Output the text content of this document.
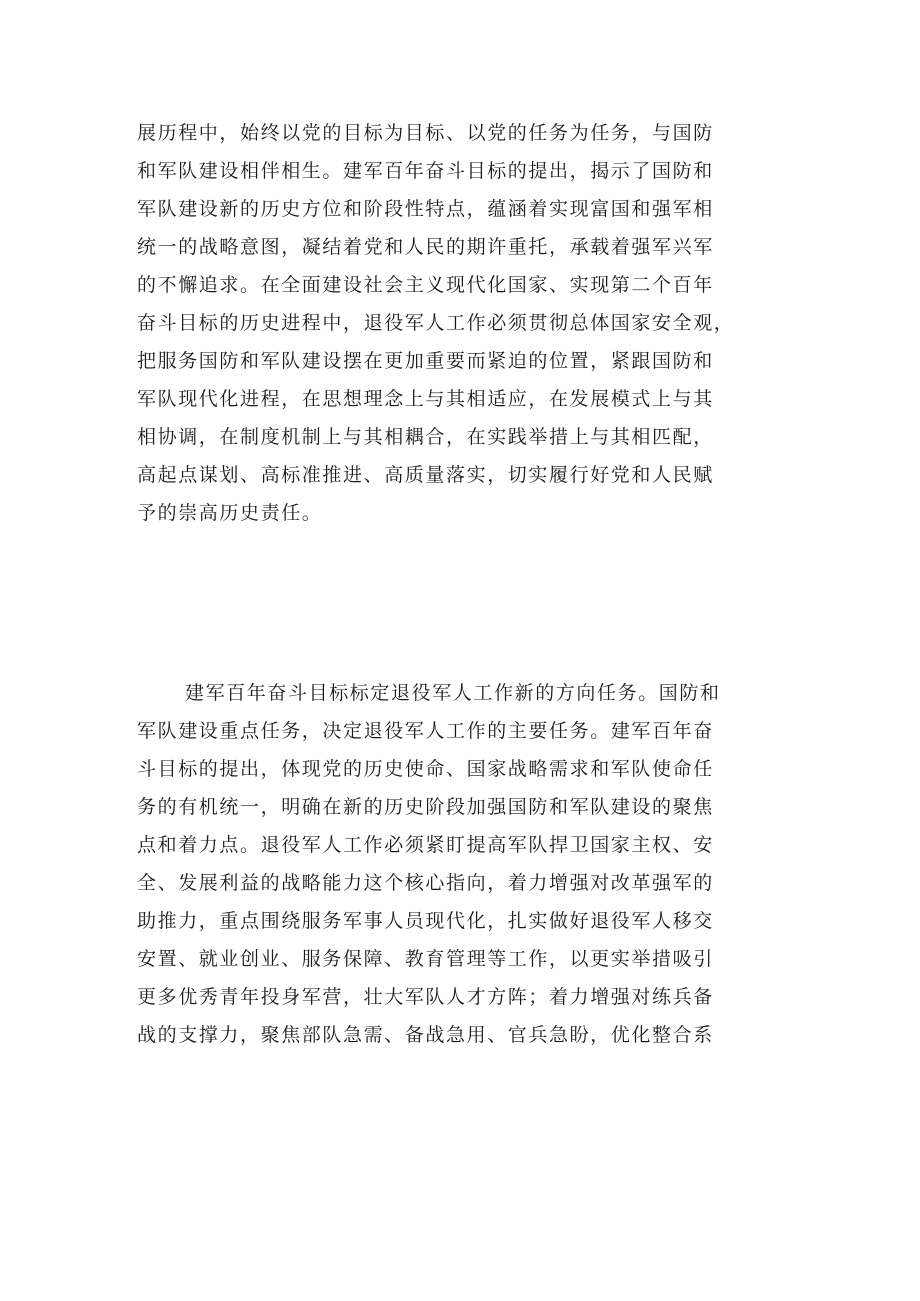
展历程中，始终以党的目标为目标、以党的任务为任务，与国防
和军队建设相伴相生。建军百年奋斗目标的提出，揭示了国防和
军队建设新的历史方位和阶段性特点，蕴涵着实现富国和强军相
统一的战略意图，凝结着党和人民的期许重托，承载着强军兴军
的不懈追求。在全面建设社会主义现代化国家、实现第二个百年
奋斗目标的历史进程中，退役军人工作必须贯彻总体国家安全观，
把服务国防和军队建设摆在更加重要而紧迫的位置，紧跟国防和
军队现代化进程，在思想理念上与其相适应，在发展模式上与其
相协调，在制度机制上与其相耦合，在实践举措上与其相匹配，
高起点谋划、高标准推进、高质量落实，切实履行好党和人民赋
予的崇高历史责任。
建军百年奋斗目标标定退役军人工作新的方向任务。国防和
军队建设重点任务，决定退役军人工作的主要任务。建军百年奋
斗目标的提出，体现党的历史使命、国家战略需求和军队使命任
务的有机统一，明确在新的历史阶段加强国防和军队建设的聚焦
点和着力点。退役军人工作必须紧盯提高军队捍卫国家主权、安
全、发展利益的战略能力这个核心指向，着力增强对改革强军的
助推力，重点围绕服务军事人员现代化，扎实做好退役军人移交
安置、就业创业、服务保障、教育管理等工作，以更实举措吸引
更多优秀青年投身军营，壮大军队人才方阵；着力增强对练兵备
战的支撑力，聚焦部队急需、备战急用、官兵急盼，优化整合系
